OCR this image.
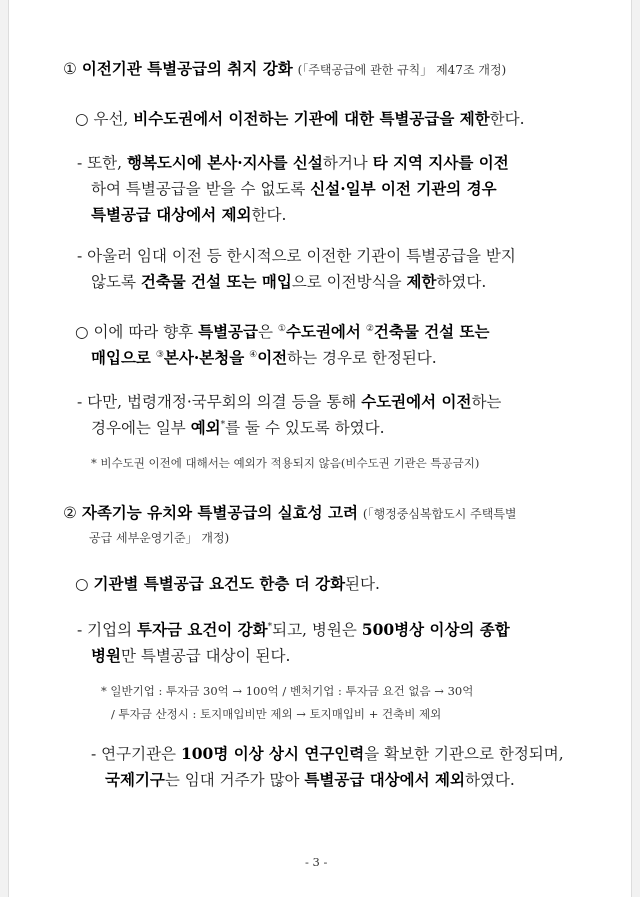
① 이전기관 특별공급의 취지 강화 (「주택공급에 관한 규칙」 제47조 개정)
○ 우선, 비수도권에서 이전하는 기관에 대한 특별공급을 제한한다.
- 또한, 행복도시에 본사·지사를 신설하거나 타 지역 지사를 이전
하여 특별공급을 받을 수 없도록 신설·일부 이전 기관의 경우
특별공급 대상에서 제외한다.
- 아울러 임대 이전 등 한시적으로 이전한 기관이 특별공급을 받지
않도록 건축물 건설 또는 매입으로 이전방식을 제한하였다.
○ 이에 따라 향후 특별공급은 ①수도권에서 ②건축물 건설 또는
매입으로 ③본사·본청을 ④이전하는 경우로 한정된다.
- 다만, 법령개정·국무회의 의결 등을 통해 수도권에서 이전하는
경우에는 일부 예외*를 둘 수 있도록 하였다.
* 비수도권 이전에 대해서는 예외가 적용되지 않음(비수도권 기관은 특공금지)
② 자족기능 유치와 특별공급의 실효성 고려 (「행정중심복합도시 주택특별
공급 세부운영기준」 개정)
○ 기관별 특별공급 요건도 한층 더 강화된다.
- 기업의 투자금 요건이 강화*되고, 병원은 500병상 이상의 종합
병원만 특별공급 대상이 된다.
* 일반기업 : 투자금 30억 → 100억 / 벤처기업 : 투자금 요건 없음 → 30억
/ 투자금 산정시 : 토지매입비만 제외 → 토지매입비 + 건축비 제외
- 연구기관은 100명 이상 상시 연구인력을 확보한 기관으로 한정되며,
국제기구는 임대 거주가 많아 특별공급 대상에서 제외하였다.
- 3 -
